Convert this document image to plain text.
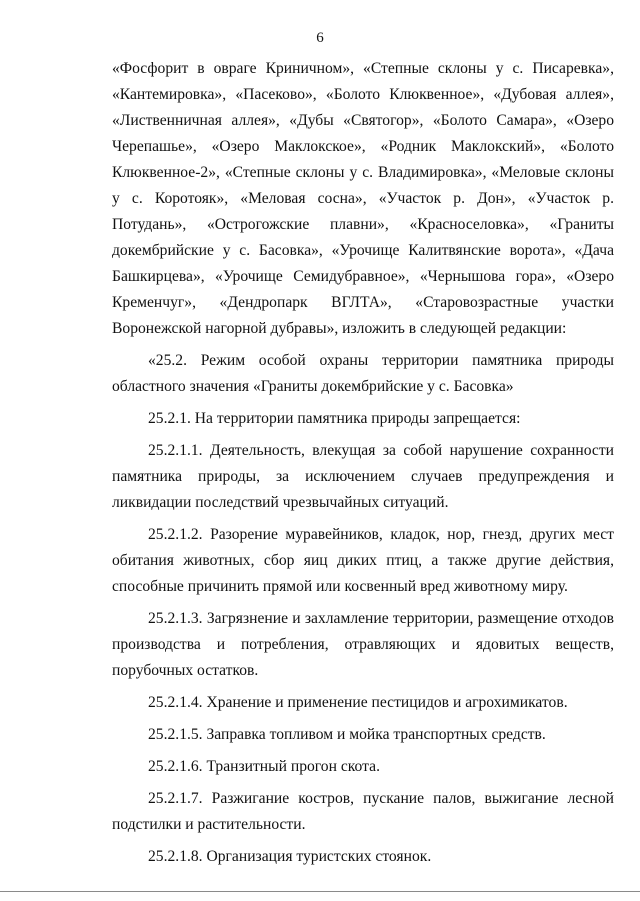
6

«Фосфорит в овраге Криничном», «Степные склоны у с. Писаревка», «Кантемировка», «Пасеково», «Болото Клюквенное», «Дубовая аллея», «Лиственничная аллея», «Дубы «Святогор», «Болото Самара», «Озеро Черепашье», «Озеро Маклокское», «Родник Маклокский», «Болото Клюквенное-2», «Степные склоны у с. Владимировка», «Меловые склоны у с. Коротояк», «Меловая сосна», «Участок р. Дон», «Участок р. Потудань», «Острогожские плавни», «Красноселовка», «Граниты докембрийские у с. Басовка», «Урочище Калитвянские ворота», «Дача Башкирцева», «Урочище Семидубравное», «Чернышова гора», «Озеро Кременчуг», «Дендропарк ВГЛТА», «Старовозрастные участки Воронежской нагорной дубравы», изложить в следующей редакции:

«25.2. Режим особой охраны территории памятника природы областного значения «Граниты докембрийские у с. Басовка»

25.2.1. На территории памятника природы запрещается:

25.2.1.1. Деятельность, влекущая за собой нарушение сохранности памятника природы, за исключением случаев предупреждения и ликвидации последствий чрезвычайных ситуаций.

25.2.1.2. Разорение муравейников, кладок, нор, гнезд, других мест обитания животных, сбор яиц диких птиц, а также другие действия, способные причинить прямой или косвенный вред животному миру.

25.2.1.3. Загрязнение и захламление территории, размещение отходов производства и потребления, отравляющих и ядовитых веществ, порубочных остатков.

25.2.1.4. Хранение и применение пестицидов и агрохимикатов.

25.2.1.5. Заправка топливом и мойка транспортных средств.

25.2.1.6. Транзитный прогон скота.

25.2.1.7. Разжигание костров, пускание палов, выжигание лесной подстилки и растительности.

25.2.1.8. Организация туристских стоянок.
